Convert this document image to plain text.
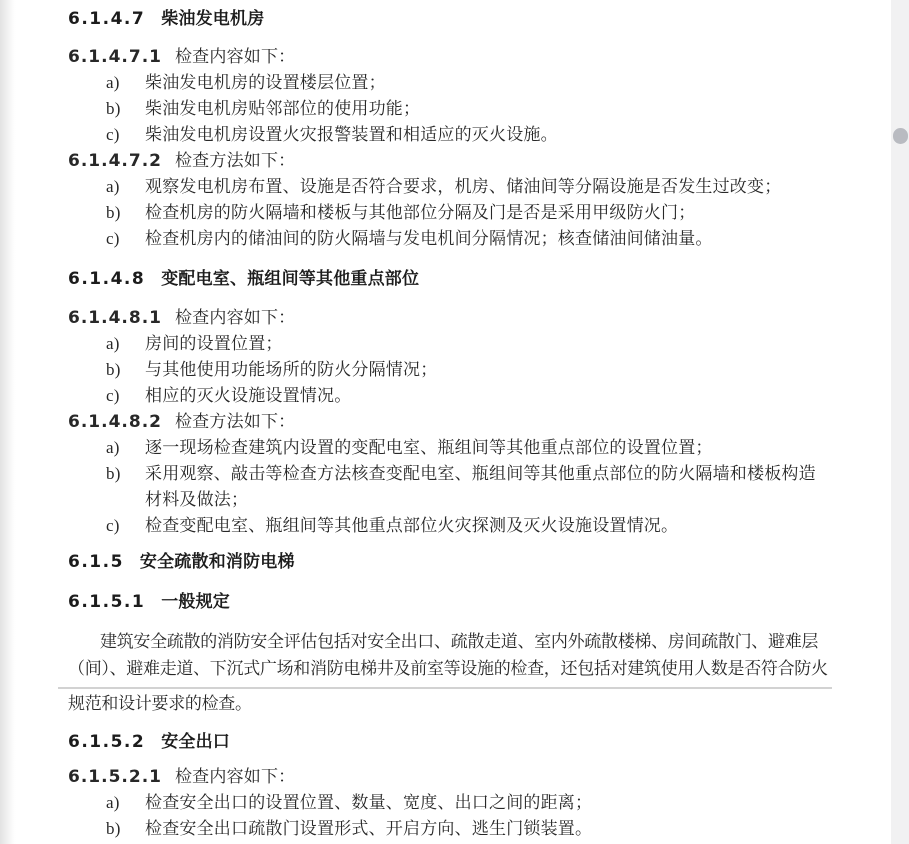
6.1.4.7 柴油发电机房
6.1.4.7.1 检查内容如下：
a) 柴油发电机房的设置楼层位置；
b) 柴油发电机房贴邻部位的使用功能；
c) 柴油发电机房设置火灾报警装置和相适应的灭火设施。
6.1.4.7.2 检查方法如下：
a) 观察发电机房布置、设施是否符合要求，机房、储油间等分隔设施是否发生过改变；
b) 检查机房的防火隔墙和楼板与其他部位分隔及门是否是采用甲级防火门；
c) 检查机房内的储油间的防火隔墙与发电机间分隔情况；核查储油间储油量。
6.1.4.8 变配电室、瓶组间等其他重点部位
6.1.4.8.1 检查内容如下：
a) 房间的设置位置；
b) 与其他使用功能场所的防火分隔情况；
c) 相应的灭火设施设置情况。
6.1.4.8.2 检查方法如下：
a) 逐一现场检查建筑内设置的变配电室、瓶组间等其他重点部位的设置位置；
b) 采用观察、敲击等检查方法核查变配电室、瓶组间等其他重点部位的防火隔墙和楼板构造材料及做法；
c) 检查变配电室、瓶组间等其他重点部位火灾探测及灭火设施设置情况。
6.1.5 安全疏散和消防电梯
6.1.5.1 一般规定
建筑安全疏散的消防安全评估包括对安全出口、疏散走道、室内外疏散楼梯、房间疏散门、避难层
（间）、避难走道、下沉式广场和消防电梯井及前室等设施的检查，还包括对建筑使用人数是否符合防火
规范和设计要求的检查。
6.1.5.2 安全出口
6.1.5.2.1 检查内容如下：
a) 检查安全出口的设置位置、数量、宽度、出口之间的距离；
b) 检查安全出口疏散门设置形式、开启方向、逃生门锁装置。
